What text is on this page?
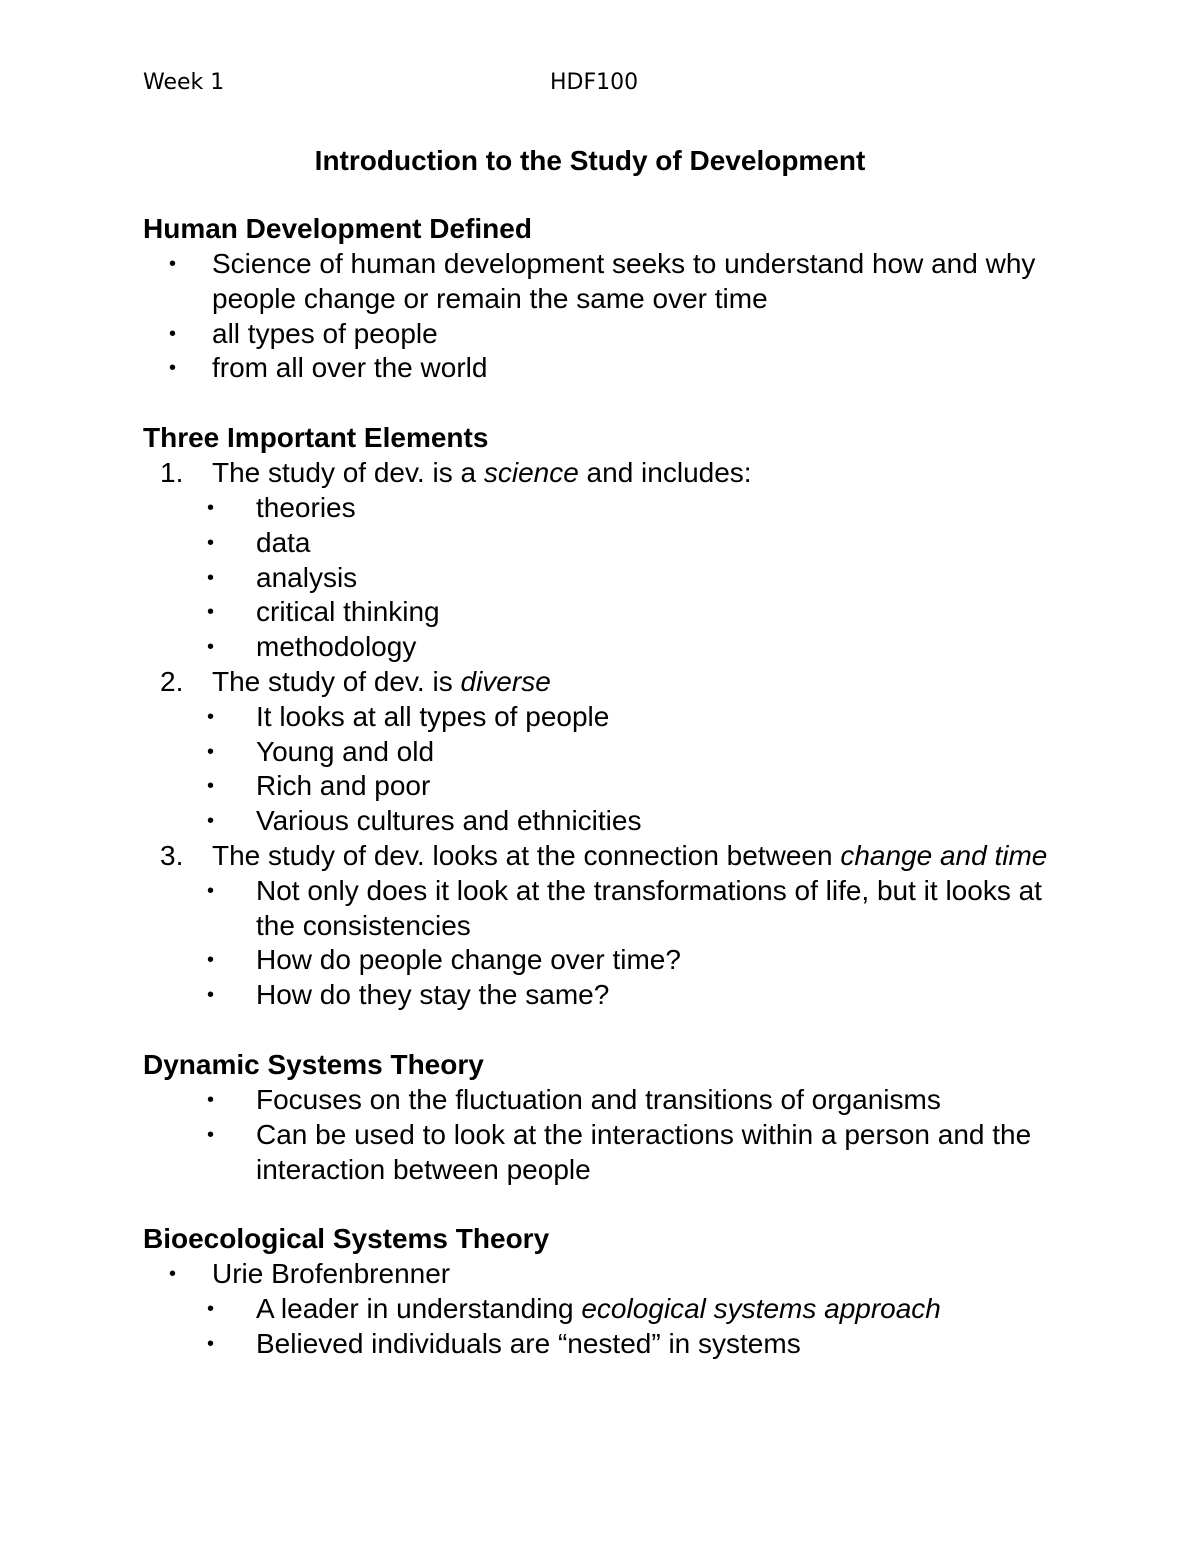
Week 1	HDF100
Introduction to the Study of Development
Human Development Defined
• Science of human development seeks to understand how and why people change or remain the same over time
• all types of people
• from all over the world
Three Important Elements
1. The study of dev. is a science and includes:
• theories
• data
• analysis
• critical thinking
• methodology
2. The study of dev. is diverse
• It looks at all types of people
• Young and old
• Rich and poor
• Various cultures and ethnicities
3. The study of dev. looks at the connection between change and time
• Not only does it look at the transformations of life, but it looks at the consistencies
• How do people change over time?
• How do they stay the same?
Dynamic Systems Theory
• Focuses on the fluctuation and transitions of organisms
• Can be used to look at the interactions within a person and the interaction between people
Bioecological Systems Theory
• Urie Brofenbrenner
• A leader in understanding ecological systems approach
• Believed individuals are “nested” in systems
